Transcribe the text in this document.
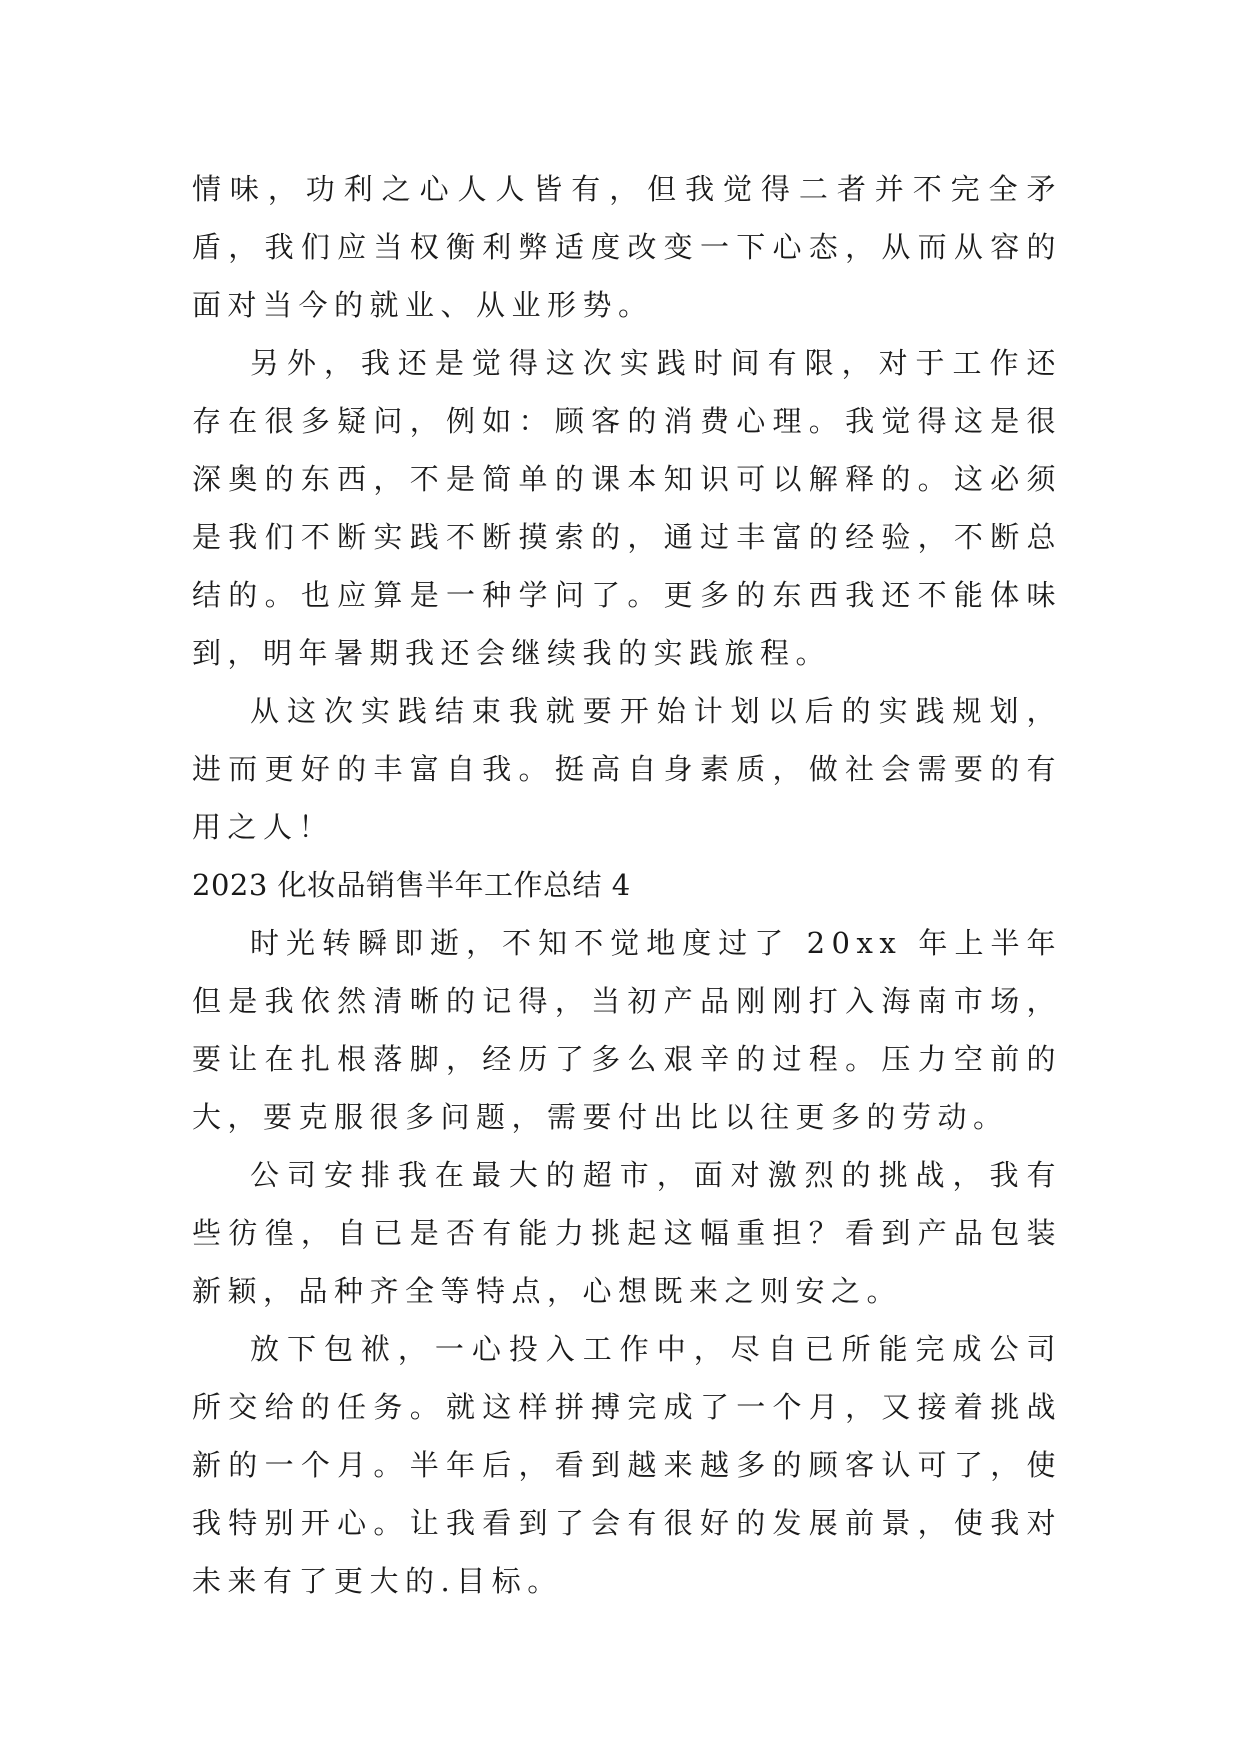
情味，功利之心人人皆有，但我觉得二者并不完全矛盾，我们应当权衡利弊适度改变一下心态，从而从容的面对当今的就业、从业形势。

另外，我还是觉得这次实践时间有限，对于工作还存在很多疑问，例如：顾客的消费心理。我觉得这是很深奥的东西，不是简单的课本知识可以解释的。这必须是我们不断实践不断摸索的，通过丰富的经验，不断总结的。也应算是一种学问了。更多的东西我还不能体味到，明年暑期我还会继续我的实践旅程。

从这次实践结束我就要开始计划以后的实践规划，进而更好的丰富自我。挺高自身素质，做社会需要的有用之人！

2023 化妆品销售半年工作总结 4

时光转瞬即逝，不知不觉地度过了 20xx 年上半年但是我依然清晰的记得，当初产品刚刚打入海南市场，要让在扎根落脚，经历了多么艰辛的过程。压力空前的大，要克服很多问题，需要付出比以往更多的劳动。

公司安排我在最大的超市，面对激烈的挑战，我有些彷徨，自已是否有能力挑起这幅重担？看到产品包装新颖，品种齐全等特点，心想既来之则安之。

放下包袱，一心投入工作中，尽自已所能完成公司所交给的任务。就这样拼搏完成了一个月，又接着挑战新的一个月。半年后，看到越来越多的顾客认可了，使我特别开心。让我看到了会有很好的发展前景，使我对未来有了更大的.目标。
